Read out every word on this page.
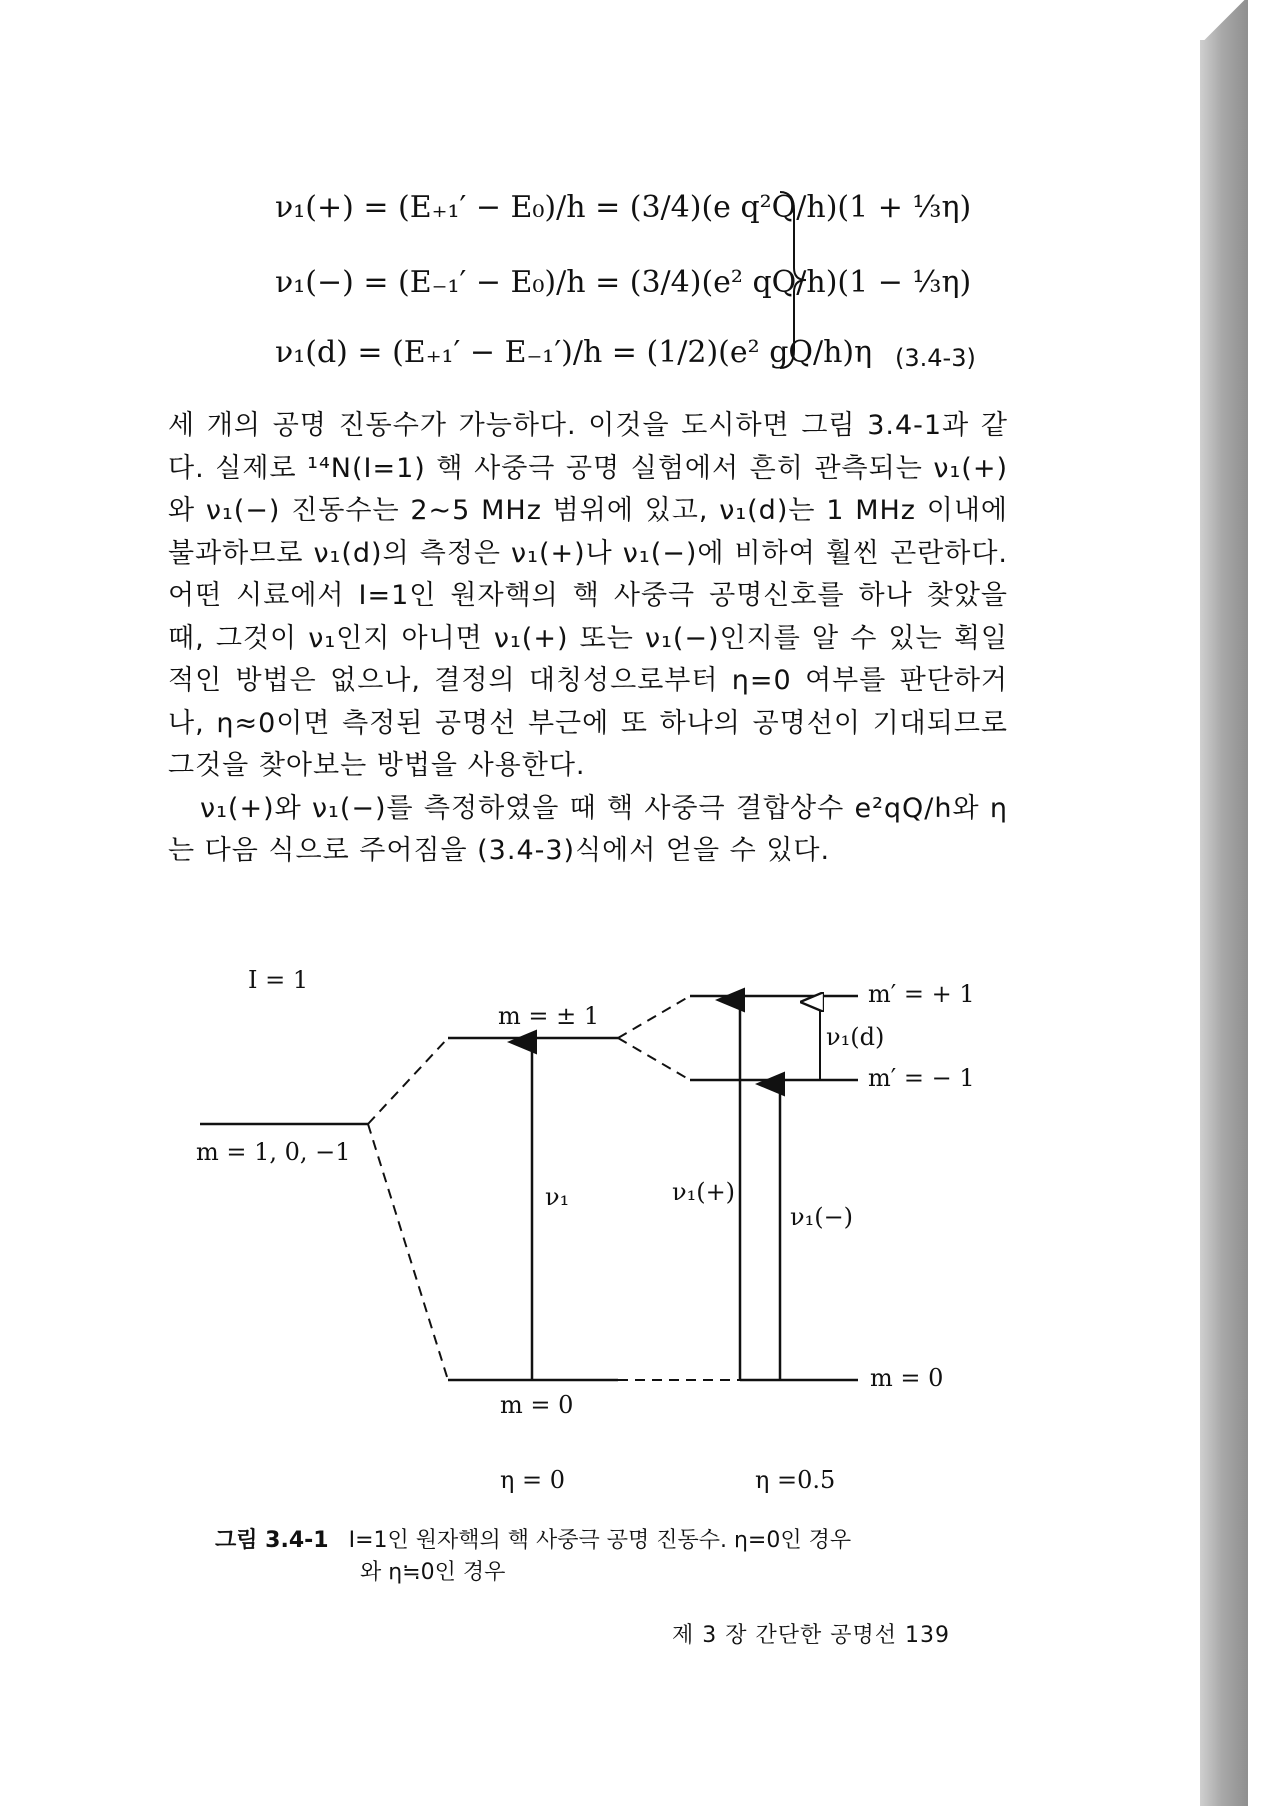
ν₁(+) = (E₊₁′ − E₀)/h = (3/4)(e q²Q/h)(1 + ⅓η)
ν₁(−) = (E₋₁′ − E₀)/h = (3/4)(e² qQ/h)(1 − ⅓η)
ν₁(d) = (E₊₁′ − E₋₁′)/h = (1/2)(e² gQ/h)η (3.4-3)

세 개의 공명 진동수가 가능하다. 이것을 도시하면 그림 3.4-1과 같다. 실제로 ¹⁴N(I=1) 핵 사중극 공명 실험에서 흔히 관측되는 ν₁(+)와 ν₁(−) 진동수는 2∼5 MHz 범위에 있고, ν₁(d)는 1 MHz 이내에 불과하므로 ν₁(d)의 측정은 ν₁(+)나 ν₁(−)에 비하여 훨씬 곤란하다. 어떤 시료에서 I=1인 원자핵의 핵 사중극 공명신호를 하나 찾았을 때, 그것이 ν₁인지 아니면 ν₁(+) 또는 ν₁(−)인지를 알 수 있는 획일적인 방법은 없으나, 결정의 대칭성으로부터 η=0 여부를 판단하거나, η≈0이면 측정된 공명선 부근에 또 하나의 공명선이 기대되므로 그것을 찾아보는 방법을 사용한다.

ν₁(+)와 ν₁(−)를 측정하였을 때 핵 사중극 결합상수 e²qQ/h와 η는 다음 식으로 주어짐을 (3.4-3)식에서 얻을 수 있다.

I = 1
m = 1, 0, −1
m = ± 1
m = 0
m′ = + 1
m′ = − 1
m = 0
ν₁	ν₁(+)
ν₁(−)
ν₁(d)
η = 0	η =0.5
그림 3.4-1 I=1인 원자핵의 핵 사중극 공명 진동수. η=0인 경우
와 η≒0인 경우
제 3 장 간단한 공명선 139
